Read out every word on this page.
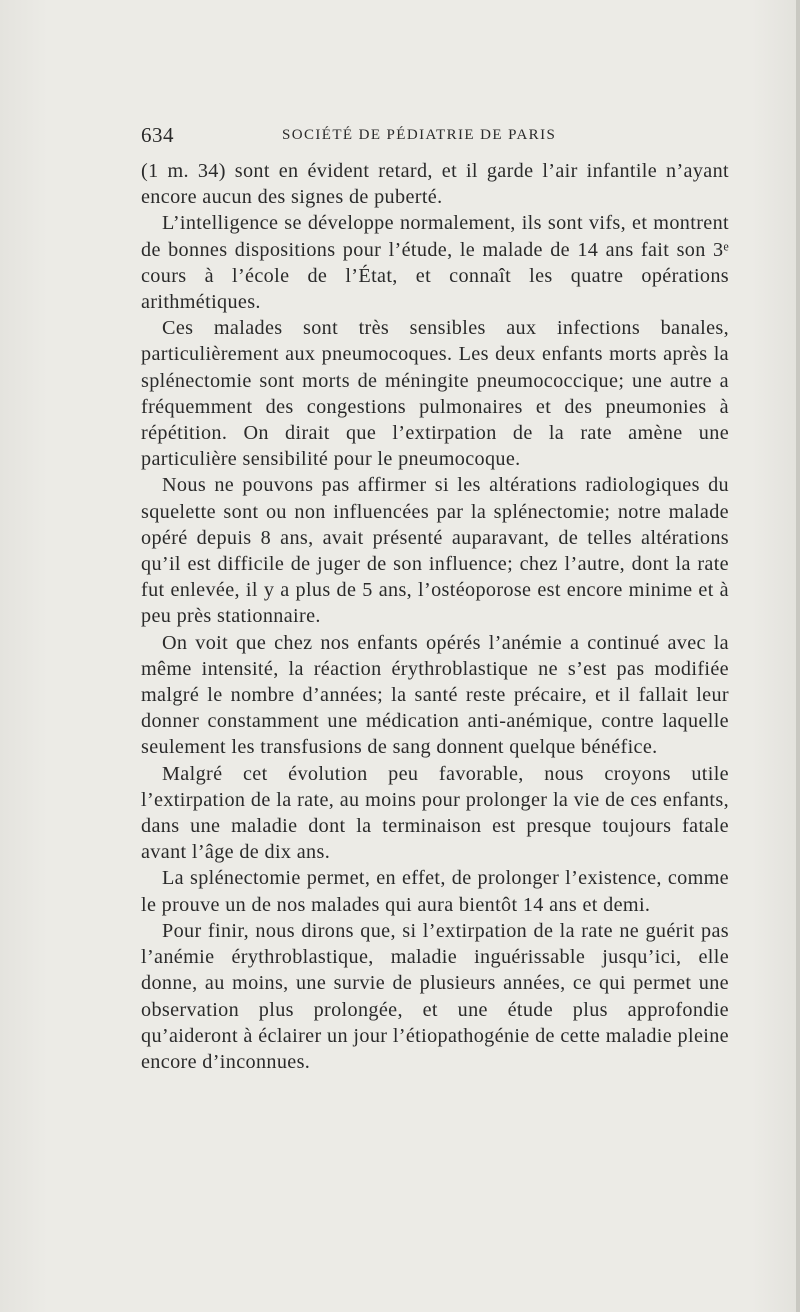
634	SOCIÉTÉ DE PÉDIATRIE DE PARIS

(1 m. 34) sont en évident retard, et il garde l’air infantile n’ayant encore aucun des signes de puberté.

L’intelligence se développe normalement, ils sont vifs, et montrent de bonnes dispositions pour l’étude, le malade de 14 ans fait son 3ᵉ cours à l’école de l’État, et connaît les quatre opérations arithmétiques.

Ces malades sont très sensibles aux infections banales, particulièrement aux pneumocoques. Les deux enfants morts après la splénectomie sont morts de méningite pneumococcique; une autre a fréquemment des congestions pulmonaires et des pneumonies à répétition. On dirait que l’extirpation de la rate amène une particulière sensibilité pour le pneumocoque.

Nous ne pouvons pas affirmer si les altérations radiologiques du squelette sont ou non influencées par la splénectomie; notre malade opéré depuis 8 ans, avait présenté auparavant, de telles altérations qu’il est difficile de juger de son influence; chez l’autre, dont la rate fut enlevée, il y a plus de 5 ans, l’ostéoporose est encore minime et à peu près stationnaire.

On voit que chez nos enfants opérés l’anémie a continué avec la même intensité, la réaction érythroblastique ne s’est pas modifiée malgré le nombre d’années; la santé reste précaire, et il fallait leur donner constamment une médication anti-anémique, contre laquelle seulement les transfusions de sang donnent quelque bénéfice.

Malgré cet évolution peu favorable, nous croyons utile l’extirpation de la rate, au moins pour prolonger la vie de ces enfants, dans une maladie dont la terminaison est presque toujours fatale avant l’âge de dix ans.

La splénectomie permet, en effet, de prolonger l’existence, comme le prouve un de nos malades qui aura bientôt 14 ans et demi.

Pour finir, nous dirons que, si l’extirpation de la rate ne guérit pas l’anémie érythroblastique, maladie inguérissable jusqu’ici, elle donne, au moins, une survie de plusieurs années, ce qui permet une observation plus prolongée, et une étude plus approfondie qu’aideront à éclairer un jour l’étiopathogénie de cette maladie pleine encore d’inconnues.
